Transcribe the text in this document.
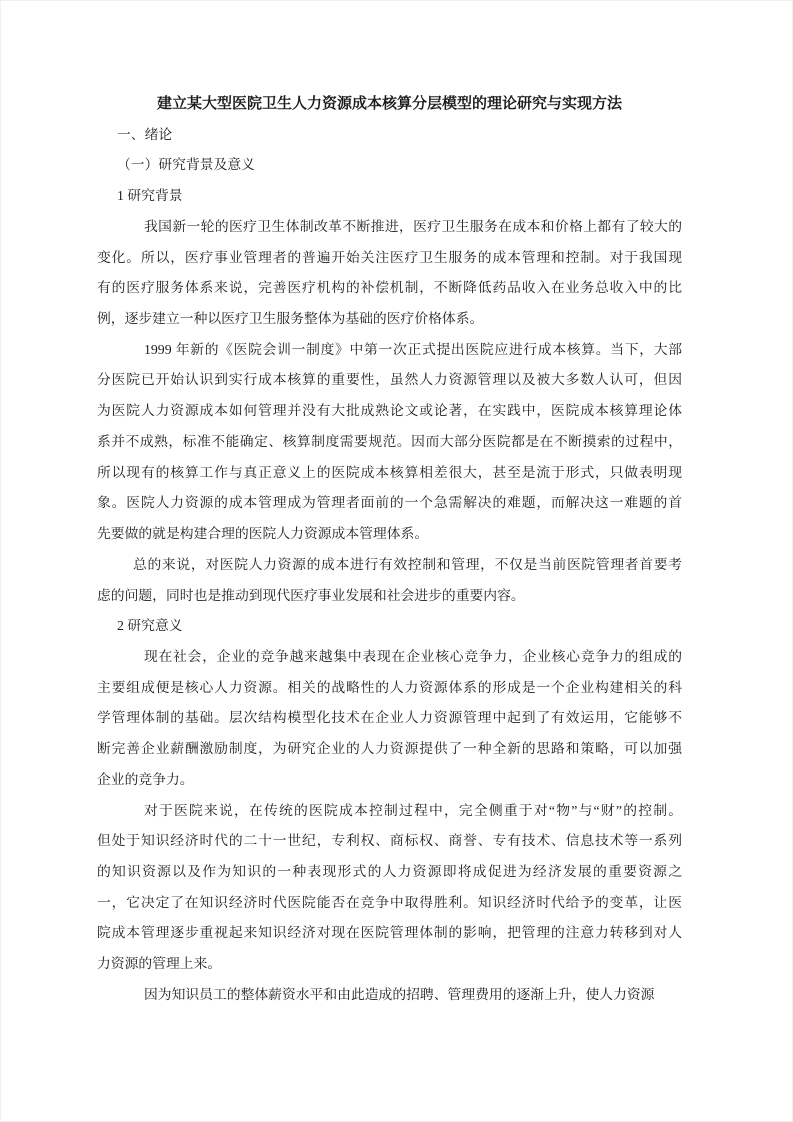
建立某大型医院卫生人力资源成本核算分层模型的理论研究与实现方法
一、绪论
（一）研究背景及意义
1 研究背景
我国新一轮的医疗卫生体制改革不断推进，医疗卫生服务在成本和价格上都有了较大的
变化。所以，医疗事业管理者的普遍开始关注医疗卫生服务的成本管理和控制。对于我国现
有的医疗服务体系来说，完善医疗机构的补偿机制，不断降低药品收入在业务总收入中的比
例，逐步建立一种以医疗卫生服务整体为基础的医疗价格体系。
1999 年新的《医院会训一制度》中第一次正式提出医院应进行成本核算。当下，大部
分医院已开始认识到实行成本核算的重要性，虽然人力资源管理以及被大多数人认可，但因
为医院人力资源成本如何管理并没有大批成熟论文或论著，在实践中，医院成本核算理论体
系并不成熟，标准不能确定、核算制度需要规范。因而大部分医院都是在不断摸索的过程中，
所以现有的核算工作与真正意义上的医院成本核算相差很大，甚至是流于形式，只做表明现
象。医院人力资源的成本管理成为管理者面前的一个急需解决的难题，而解决这一难题的首
先要做的就是构建合理的医院人力资源成本管理体系。
总的来说，对医院人力资源的成本进行有效控制和管理，不仅是当前医院管理者首要考
虑的问题，同时也是推动到现代医疗事业发展和社会进步的重要内容。
2 研究意义
现在社会，企业的竞争越来越集中表现在企业核心竞争力，企业核心竞争力的组成的
主要组成便是核心人力资源。相关的战略性的人力资源体系的形成是一个企业构建相关的科
学管理体制的基础。层次结构模型化技术在企业人力资源管理中起到了有效运用，它能够不
断完善企业薪酬激励制度，为研究企业的人力资源提供了一种全新的思路和策略，可以加强
企业的竞争力。
对于医院来说，在传统的医院成本控制过程中，完全侧重于对“物”与“财”的控制。
但处于知识经济时代的二十一世纪，专利权、商标权、商誉、专有技术、信息技术等一系列
的知识资源以及作为知识的一种表现形式的人力资源即将成促进为经济发展的重要资源之
一，它决定了在知识经济时代医院能否在竞争中取得胜利。知识经济时代给予的变革，让医
院成本管理逐步重视起来知识经济对现在医院管理体制的影响，把管理的注意力转移到对人
力资源的管理上来。
因为知识员工的整体薪资水平和由此造成的招聘、管理费用的逐渐上升，使人力资源
